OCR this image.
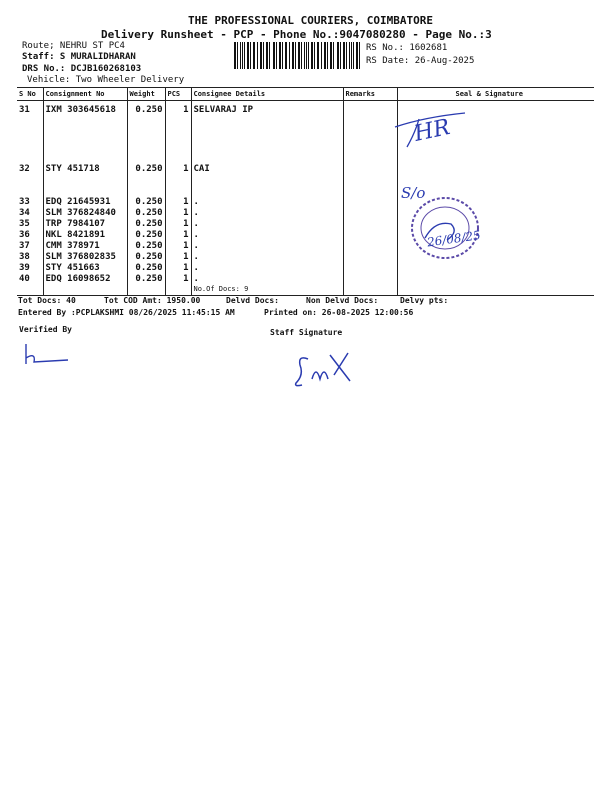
THE PROFESSIONAL COURIERS, COIMBATORE
Delivery Runsheet - PCP - Phone No.:9047080280 - Page No.:3
Route; NEHRU ST PC4
Staff: S MURALIDHARAN
DRS No.: DCJB160268103
Vehicle: Two Wheeler Delivery
RS No.: 1602681
RS Date: 26-Aug-2025
S No	Consignment No	Weight	PCS	Consignee Details	Remarks	Seal & Signature
31	IXM 303645618	0.250	1	SELVARAJ IP		
32	STY 451718	0.250	1	CAI		
33	EDQ 21645931	0.250	1	.		
34	SLM 376824840	0.250	1	.		
35	TRP 7984107	0.250	1	.		
36	NKL 8421891	0.250	1	.		
37	CMM 378971	0.250	1	.		
38	SLM 376802835	0.250	1	.		
39	STY 451663	0.250	1	.		
40	EDQ 16098652	0.250	1	.		
				No.Of Docs: 9		
Tot Docs: 40	Tot COD Amt: 1950.00	Delvd Docs:	Non Delvd Docs:	Delvy pts:
Entered By :PCPLAKSHMI 08/26/2025 11:45:15 AM	Printed on: 26-08-2025 12:00:56
Verified By	Staff Signature
HR
S/o
26/08/25
